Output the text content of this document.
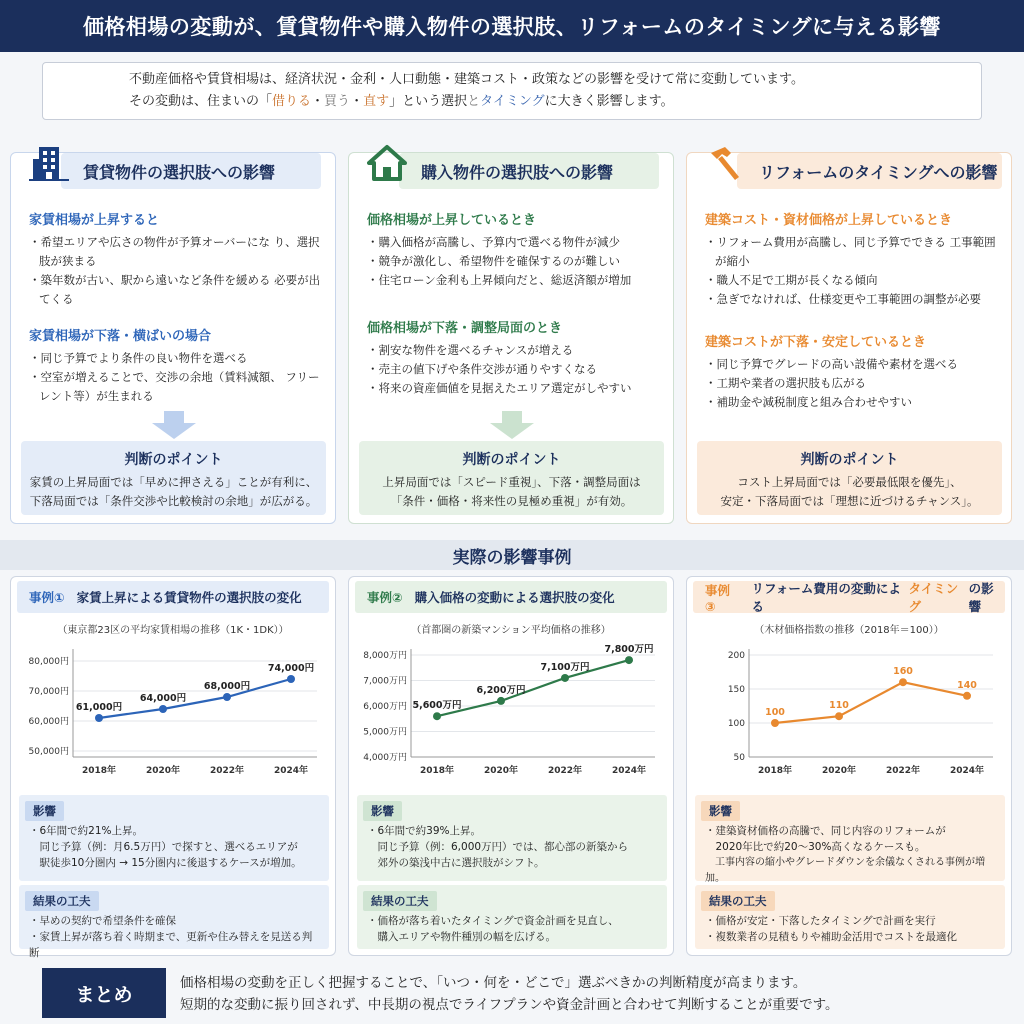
価格相場の変動が、賃貸物件や購入物件の選択肢、リフォームのタイミングに与える影響
不動産価格や賃貸相場は、経済状況・金利・人口動態・建築コスト・政策などの影響を受けて常に変動しています。
その変動は、住まいの「借りる・買う・直す」という選択とタイミングに大きく影響します。
賃貸物件の選択肢への影響
家賃相場が上昇すると
・希望エリアや広さの物件が予算オーバーにな り、選択肢が狭まる
・築年数が古い、駅から遠いなど条件を緩める 必要が出てくる
家賃相場が下落・横ばいの場合
・同じ予算でより条件の良い物件を選べる
・空室が増えることで、交渉の余地（賃料減額、 フリーレント等）が生まれる
判断のポイント
家賃の上昇局面では「早めに押さえる」ことが有利に、
下落局面では「条件交渉や比較検討の余地」が広がる。
購入物件の選択肢への影響
価格相場が上昇しているとき
・購入価格が高騰し、予算内で選べる物件が減少
・競争が激化し、希望物件を確保するのが難しい
・住宅ローン金利も上昇傾向だと、総返済額が増加
価格相場が下落・調整局面のとき
・割安な物件を選べるチャンスが増える
・売主の値下げや条件交渉が通りやすくなる
・将来の資産価値を見据えたエリア選定がしやすい
判断のポイント
上昇局面では「スピード重視」、下落・調整局面は
「条件・価格・将来性の見極め重視」が有効。
リフォームのタイミングへの影響
建築コスト・資材価格が上昇しているとき
・リフォーム費用が高騰し、同じ予算でできる 工事範囲が縮小
・職人不足で工期が長くなる傾向
・急ぎでなければ、仕様変更や工事範囲の調整が必要
建築コストが下落・安定しているとき
・同じ予算でグレードの高い設備や素材を選べる
・工期や業者の選択肢も広がる
・補助金や減税制度と組み合わせやすい
判断のポイント
コスト上昇局面では「必要最低限を優先」、
安定・下落局面では「理想に近づけるチャンス」。
実際の影響事例
事例① 家賃上昇による賃貸物件の選択肢の変化
（東京都23区の平均家賃相場の推移（1K・1DK））
50,000円
60,000円
70,000円
80,000円
2018年	2020年	2022年	2024年
61,000円
64,000円
68,000円
74,000円
影響
・6年間で約21%上昇。
　同じ予算（例：月6.5万円）で探すと、選べるエリアが
　駅徒歩10分圏内 → 15分圏内に後退するケースが増加。
結果の工夫
・早めの契約で希望条件を確保
・家賃上昇が落ち着く時期まで、更新や住み替えを見送る判断
事例② 購入価格の変動による選択肢の変化
（首都圏の新築マンション平均価格の推移）
4,000万円
5,000万円
6,000万円
7,000万円
8,000万円
2018年	2020年	2022年	2024年
5,600万円
6,200万円
7,100万円
7,800万円
影響
・6年間で約39%上昇。
　同じ予算（例：6,000万円）では、都心部の新築から
　郊外の築浅中古に選択肢がシフト。
結果の工夫
・価格が落ち着いたタイミングで資金計画を見直し、
　購入エリアや物件種別の幅を広げる。
事例③
リフォーム費用の変動による
タイミング
の影響
（木材価格指数の推移（2018年＝100））
50
100
150
200
2018年	2020年	2022年	2024年
100
110
160
140
影響
・建築資材価格の高騰で、同じ内容のリフォームが
　2020年比で約20〜30%高くなるケースも。
　工事内容の縮小やグレードダウンを余儀なくされる事例が増加。
結果の工夫
・価格が安定・下落したタイミングで計画を実行
・複数業者の見積もりや補助金活用でコストを最適化
まとめ
価格相場の変動を正しく把握することで、「いつ・何を・どこで」選ぶべきかの判断精度が高まります。
短期的な変動に振り回されず、中長期の視点でライフプランや資金計画と合わせて判断することが重要です。
